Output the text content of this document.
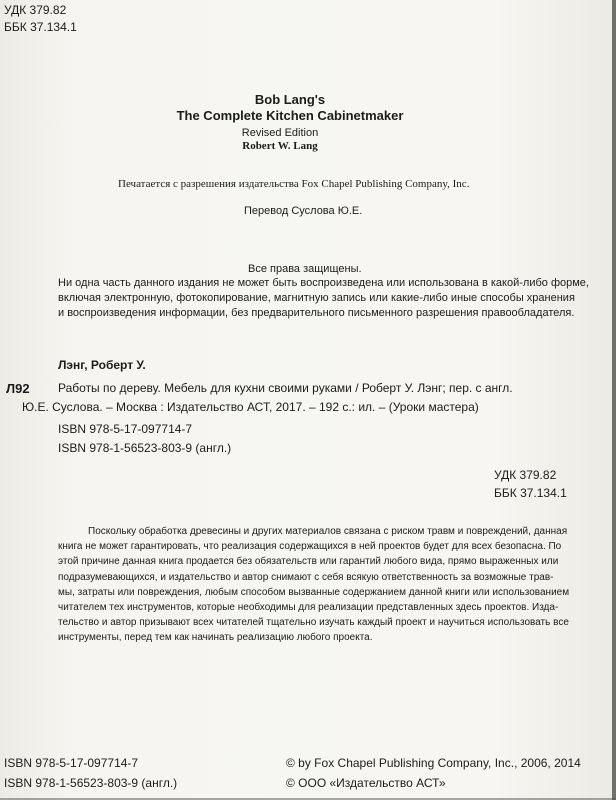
УДК 379.82
ББК 37.134.1
Bob Lang's
The Complete Kitchen Cabinetmaker
Revised Edition
Robert W. Lang
Печатается с разрешения издательства Fox Chapel Publishing Company, Inc.
Перевод Суслова Ю.Е.
Все права защищены.
Ни одна часть данного издания не может быть воспроизведена или использована в какой-либо форме,
включая электронную, фотокопирование, магнитную запись или какие-либо иные способы хранения
и воспроизведения информации, без предварительного письменного разрешения правообладателя.
Лэнг, Роберт У.
Л92 Работы по дереву. Мебель для кухни своими руками / Роберт У. Лэнг; пер. с англ.
Ю.Е. Суслова. – Москва : Издательство АСТ, 2017. – 192 с.: ил. – (Уроки мастера)
ISBN 978-5-17-097714-7
ISBN 978-1-56523-803-9 (англ.)
УДК 379.82
ББК 37.134.1
Поскольку обработка древесины и других материалов связана с риском травм и повреждений, данная
книга не может гарантировать, что реализация содержащихся в ней проектов будет для всех безопасна. По
этой причине данная книга продается без обязательств или гарантий любого вида, прямо выраженных или
подразумевающихся, и издательство и автор снимают с себя всякую ответственность за возможные трав-
мы, затраты или повреждения, любым способом вызванные содержанием данной книги или использованием
читателем тех инструментов, которые необходимы для реализации представленных здесь проектов. Изда-
тельство и автор призывают всех читателей тщательно изучать каждый проект и научиться использовать все
инструменты, перед тем как начинать реализацию любого проекта.
ISBN 978-5-17-097714-7
ISBN 978-1-56523-803-9 (англ.)
© by Fox Chapel Publishing Company, Inc., 2006, 2014
© ООО «Издательство АСТ»
